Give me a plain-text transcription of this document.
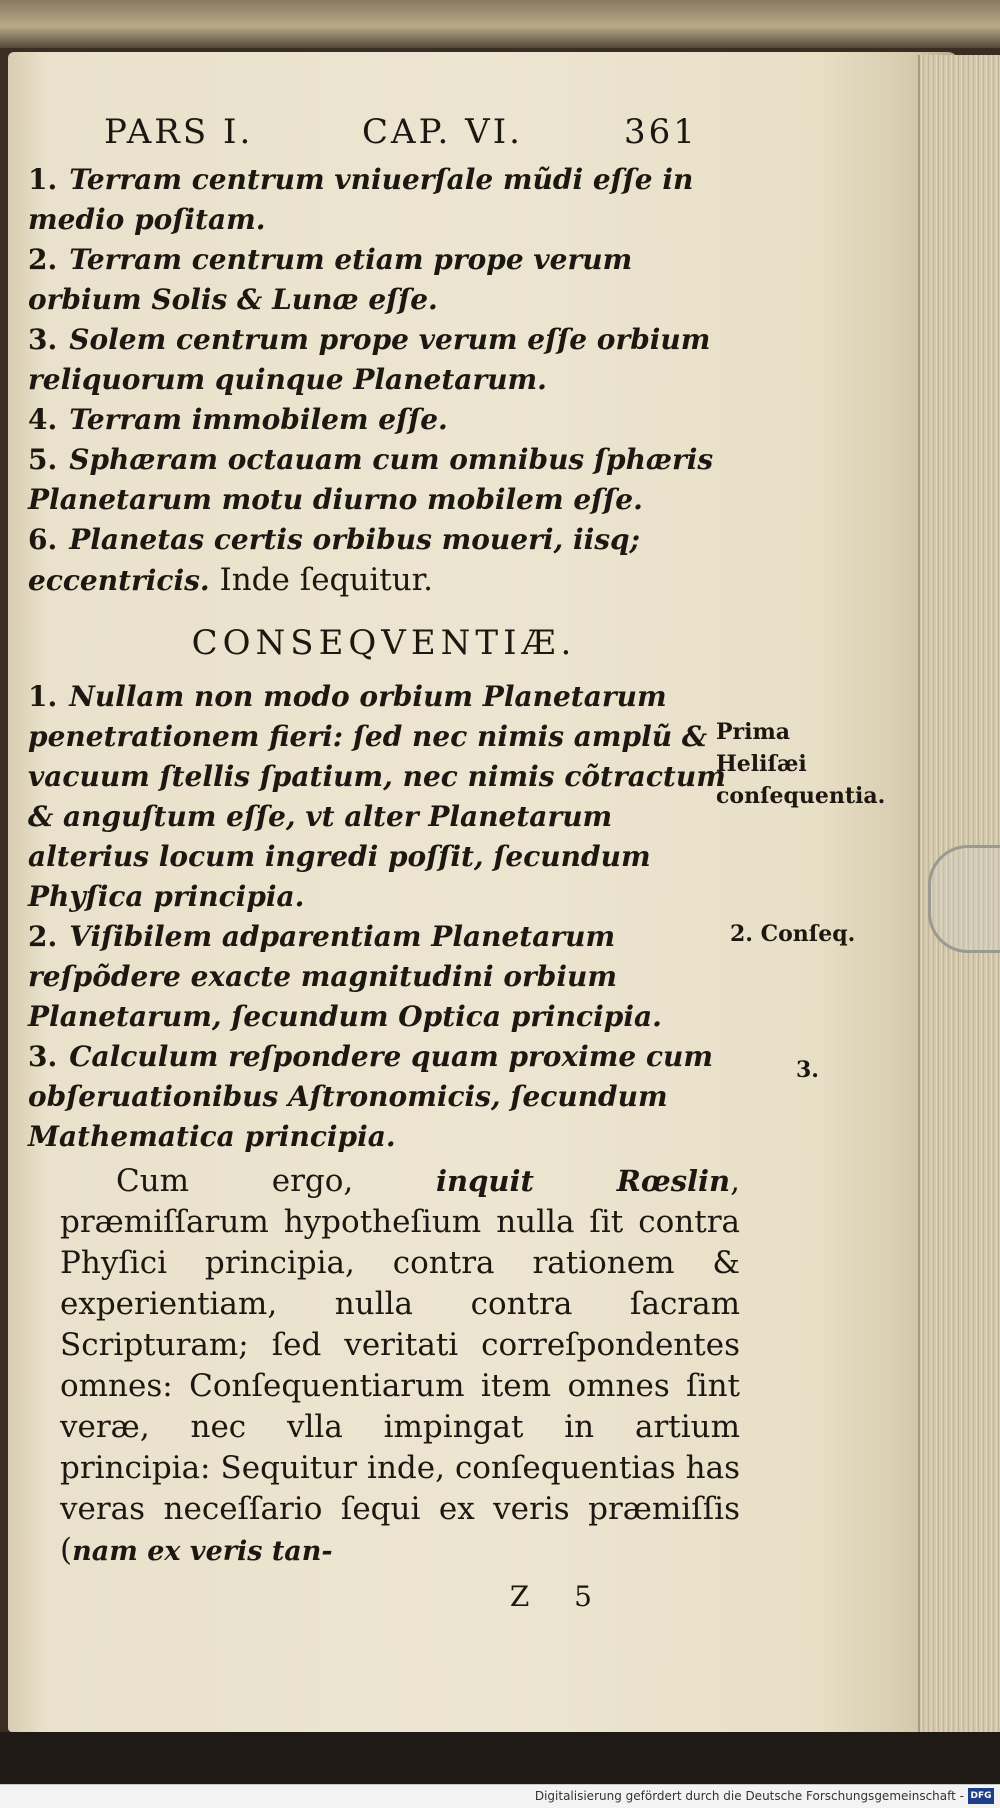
PARS I.	CAP. VI.	361

1. Terram centrum vniuerſale mũdi eſſe in medio poſitam.

2. Terram centrum etiam prope verum orbium Solis & Lunæ eſſe.

3. Solem centrum prope verum eſſe orbium reliquorum quinque Planetarum.

4. Terram immobilem eſſe.

5. Sphæram octauam cum omnibus ſphæris Planetarum motu diurno mobilem eſſe.

6. Planetas certis orbibus moueri, iisq; eccentricis. Inde ſequitur.

CONSEQVENTIÆ.

1. Nullam non modo orbium Planetarum penetrationem fieri: ſed nec nimis amplũ & vacuum ſtellis ſpatium, nec nimis cõtractum & anguſtum eſſe, vt alter Planetarum alterius locum ingredi poſſit, ſecundum Phyſica principia.

2. Viſibilem adparentiam Planetarum reſpõdere exacte magnitudini orbium Planetarum, ſecundum Optica principia.

3. Calculum reſpondere quam proxime cum obſeruationibus Aſtronomicis, ſecundum Mathematica principia.

Cum ergo, inquit Rœslin, præmiſſarum hypotheſium nulla ſit contra Phyſici principia, contra rationem & experientiam, nulla contra ſacram Scripturam; ſed veritati correſpondentes omnes: Conſequentiarum item omnes ſint veræ, nec vlla impingat in artium principia: Sequitur inde, conſequentias has veras neceſſario ſequi ex veris præmiſſis (nam ex veris tan-

Z 5
Prima Heliſæi conſequentia.
2. Conſeq.
3.
Digitalisierung gefördert durch die Deutsche Forschungsgemeinschaft - DFG
